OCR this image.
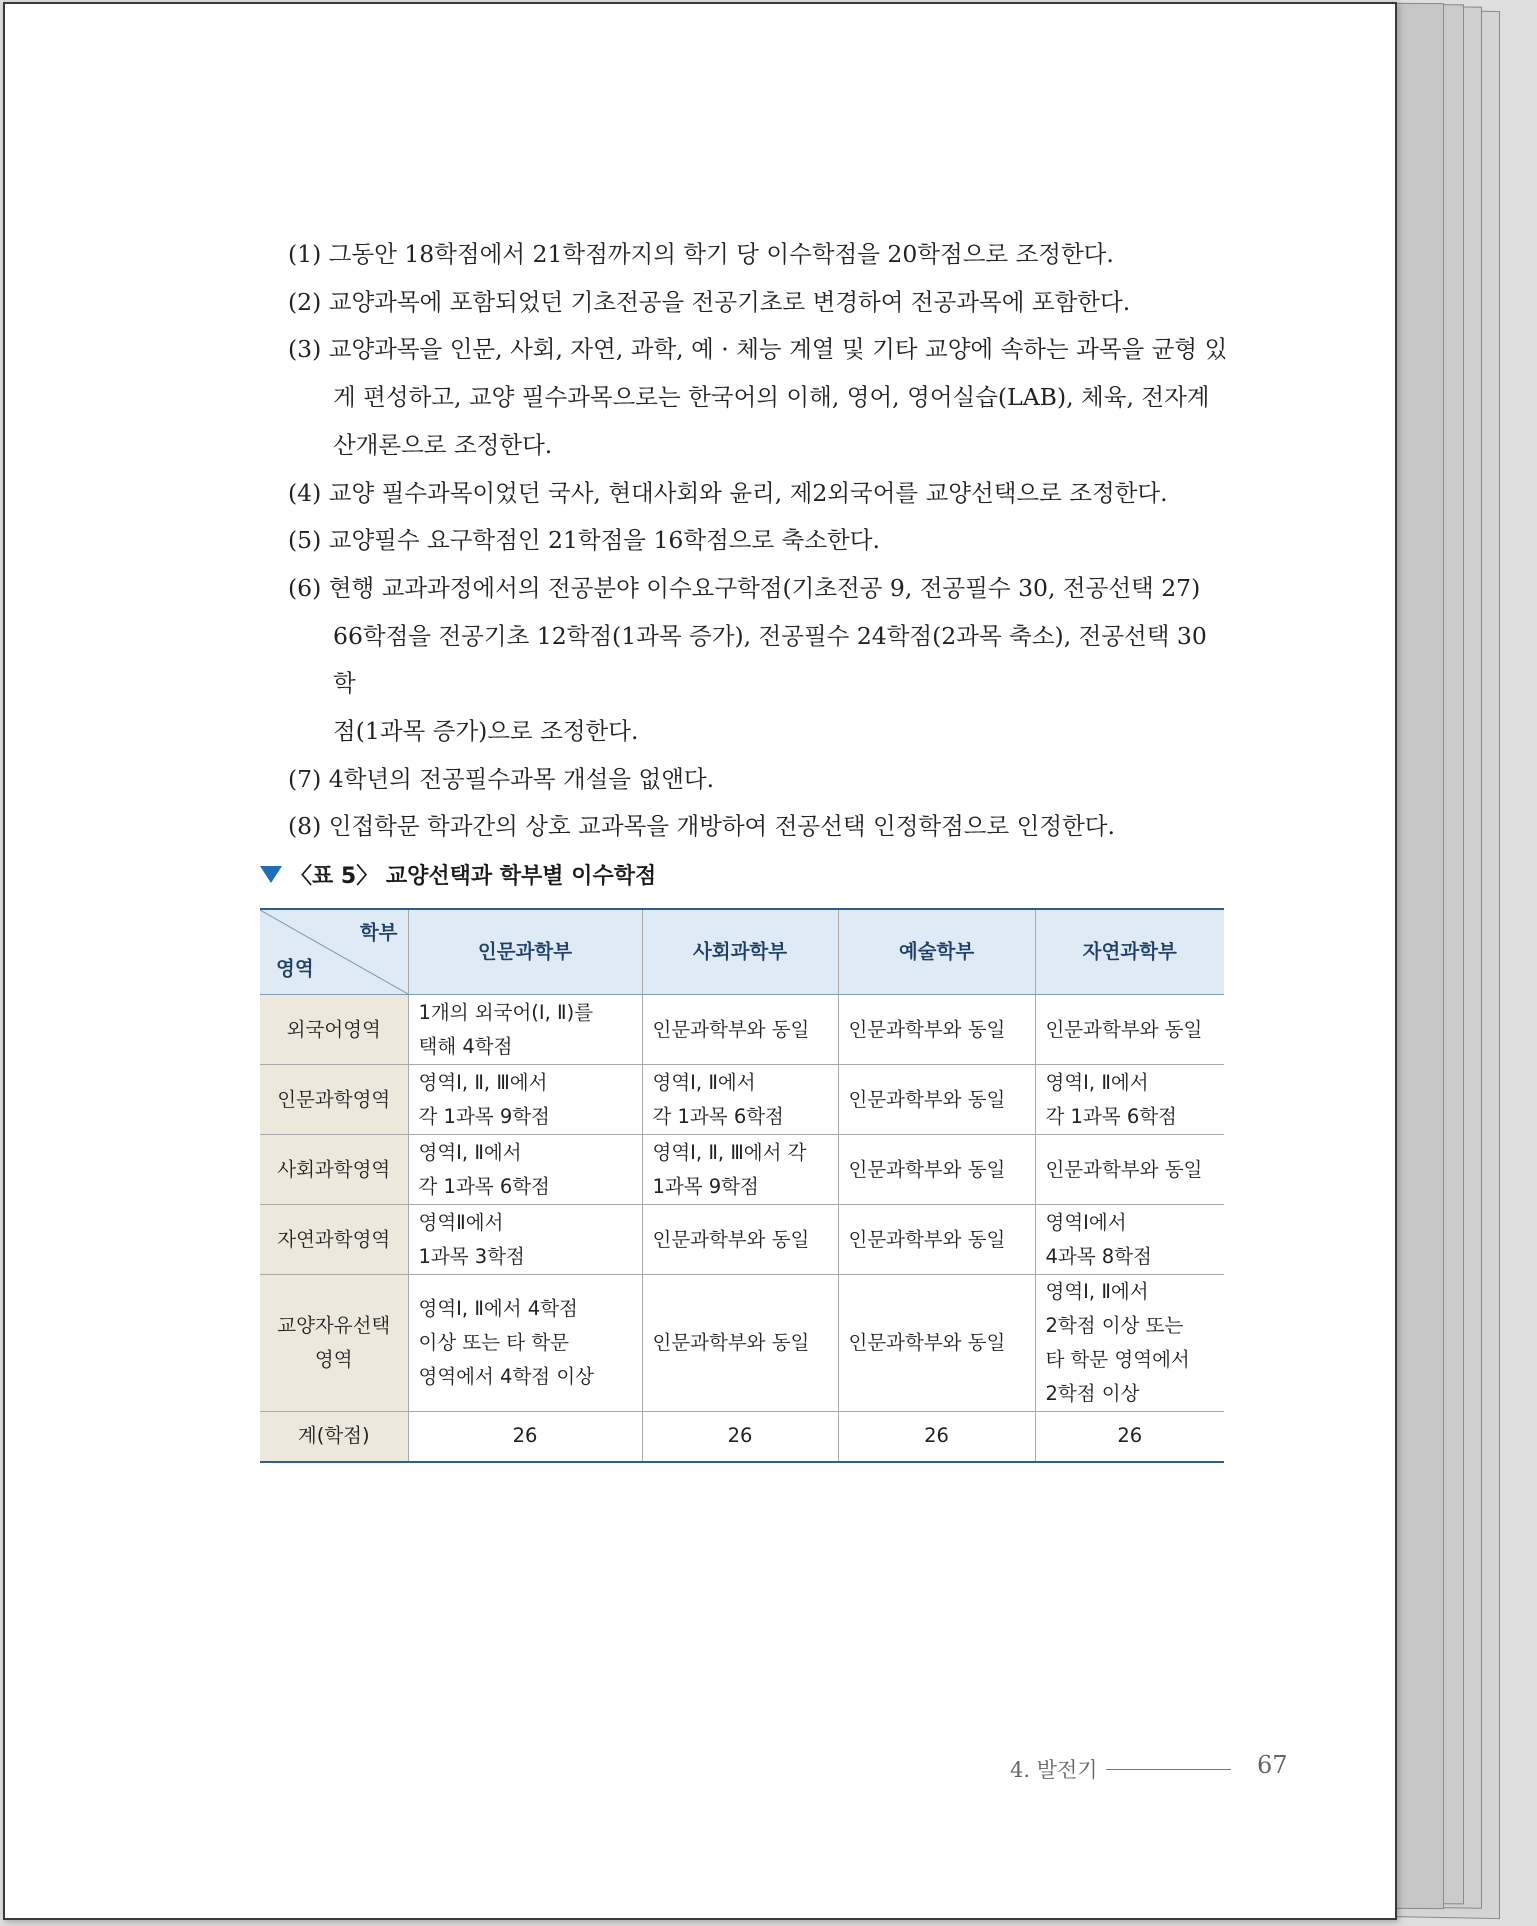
(1) 그동안 18학점에서 21학점까지의 학기 당 이수학점을 20학점으로 조정한다.

(2) 교양과목에 포함되었던 기초전공을 전공기초로 변경하여 전공과목에 포함한다.

(3) 교양과목을 인문, 사회, 자연, 과학, 예 · 체능 계열 및 기타 교양에 속하는 과목을 균형 있

게 편성하고, 교양 필수과목으로는 한국어의 이해, 영어, 영어실습(LAB), 체육, 전자계

산개론으로 조정한다.

(4) 교양 필수과목이었던 국사, 현대사회와 윤리, 제2외국어를 교양선택으로 조정한다.

(5) 교양필수 요구학점인 21학점을 16학점으로 축소한다.

(6) 현행 교과과정에서의 전공분야 이수요구학점(기초전공 9, 전공필수 30, 전공선택 27)

66학점을 전공기초 12학점(1과목 증가), 전공필수 24학점(2과목 축소), 전공선택 30학

점(1과목 증가)으로 조정한다.

(7) 4학년의 전공필수과목 개설을 없앤다.

(8) 인접학문 학과간의 상호 교과목을 개방하여 전공선택 인정학점으로 인정한다.

〈표 5〉 교양선택과 학부별 이수학점
학부
영역	인문과학부	사회과학부	예술학부	자연과학부

외국어영역	1개의 외국어(Ⅰ, Ⅱ)를
택해 4학점	인문과학부와 동일	인문과학부와 동일	인문과학부와 동일

인문과학영역	영역Ⅰ, Ⅱ, Ⅲ에서
각 1과목 9학점	영역Ⅰ, Ⅱ에서
각 1과목 6학점	인문과학부와 동일	영역Ⅰ, Ⅱ에서
각 1과목 6학점

사회과학영역	영역Ⅰ, Ⅱ에서
각 1과목 6학점	영역Ⅰ, Ⅱ, Ⅲ에서 각
1과목 9학점	인문과학부와 동일	인문과학부와 동일

자연과학영역	영역Ⅱ에서
1과목 3학점	인문과학부와 동일	인문과학부와 동일	영역Ⅰ에서
4과목 8학점

교양자유선택
영역	영역Ⅰ, Ⅱ에서 4학점
이상 또는 타 학문
영역에서 4학점 이상	인문과학부와 동일	인문과학부와 동일	영역Ⅰ, Ⅱ에서
2학점 이상 또는
타 학문 영역에서
2학점 이상

계(학점)	26	26	26	26
4. 발전기	67
